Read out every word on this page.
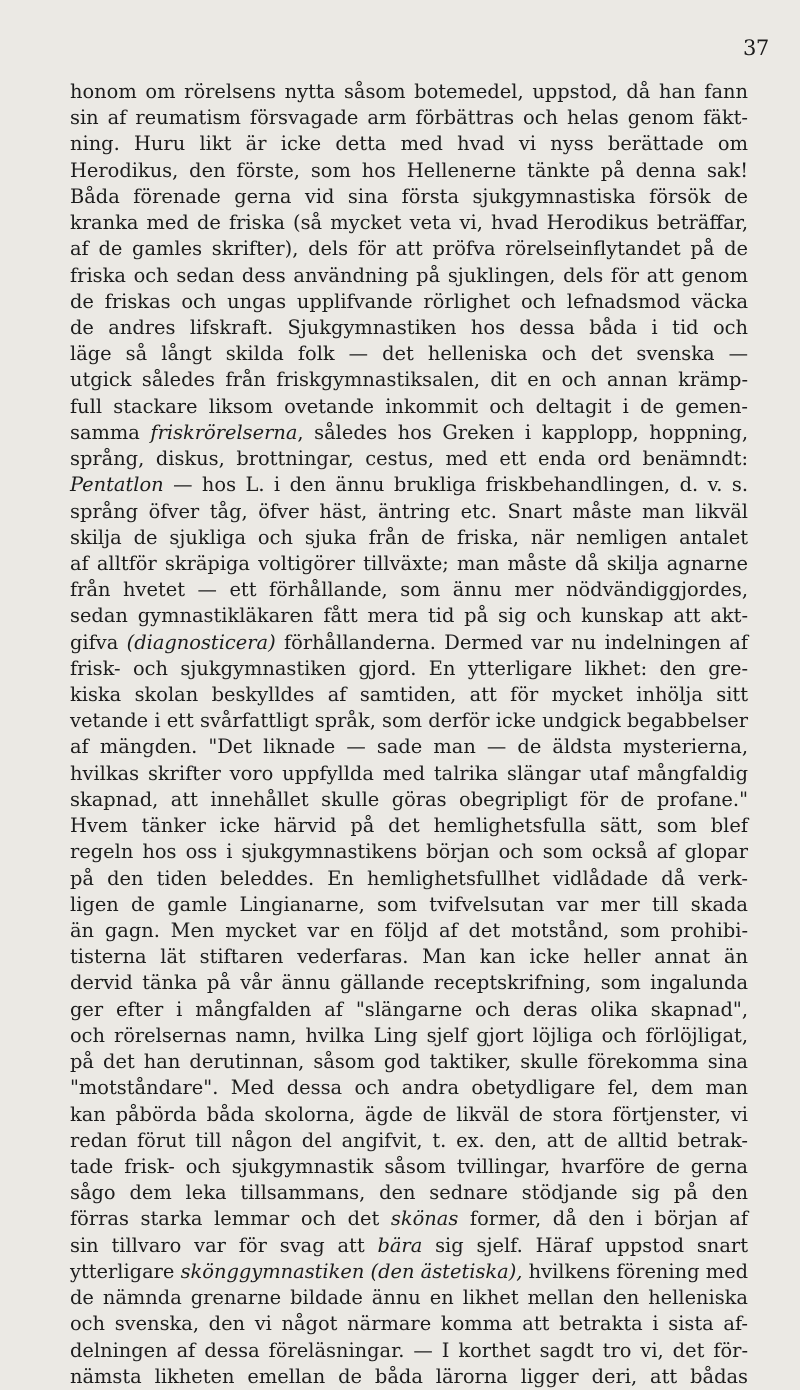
37
honom om rörelsens nytta såsom botemedel, uppstod, då han fann
sin af reumatism försvagade arm förbättras och helas genom fäkt-
ning. Huru likt är icke detta med hvad vi nyss berättade om
Herodikus, den förste, som hos Hellenerne tänkte på denna sak!
Båda förenade gerna vid sina första sjukgymnastiska försök de
kranka med de friska (så mycket veta vi, hvad Herodikus beträffar,
af de gamles skrifter), dels för att pröfva rörelseinflytandet på de
friska och sedan dess användning på sjuklingen, dels för att genom
de friskas och ungas upplifvande rörlighet och lefnadsmod väcka
de andres lifskraft. Sjukgymnastiken hos dessa båda i tid och
läge så långt skilda folk — det helleniska och det svenska —
utgick således från friskgymnastiksalen, dit en och annan krämp-
full stackare liksom ovetande inkommit och deltagit i de gemen-
samma friskrörelserna, således hos Greken i kapplopp, hoppning,
språng, diskus, brottningar, cestus, med ett enda ord benämndt:
Pentatlon — hos L. i den ännu brukliga friskbehandlingen, d. v. s.
språng öfver tåg, öfver häst, äntring etc. Snart måste man likväl
skilja de sjukliga och sjuka från de friska, när nemligen antalet
af alltför skräpiga voltigörer tillväxte; man måste då skilja agnarne
från hvetet — ett förhållande, som ännu mer nödvändiggjordes,
sedan gymnastikläkaren fått mera tid på sig och kunskap att akt-
gifva (diagnosticera) förhållanderna. Dermed var nu indelningen af
frisk- och sjukgymnastiken gjord. En ytterligare likhet: den gre-
kiska skolan beskylldes af samtiden, att för mycket inhölja sitt
vetande i ett svårfattligt språk, som derför icke undgick begabbelser
af mängden. "Det liknade — sade man — de äldsta mysterierna,
hvilkas skrifter voro uppfyllda med talrika slängar utaf mångfaldig
skapnad, att innehållet skulle göras obegripligt för de profane."
Hvem tänker icke härvid på det hemlighetsfulla sätt, som blef
regeln hos oss i sjukgymnastikens början och som också af glopar
på den tiden beleddes. En hemlighetsfullhet vidlådade då verk-
ligen de gamle Lingianarne, som tvifvelsutan var mer till skada
än gagn. Men mycket var en följd af det motstånd, som prohibi-
tisterna lät stiftaren vederfaras. Man kan icke heller annat än
dervid tänka på vår ännu gällande receptskrifning, som ingalunda
ger efter i mångfalden af "slängarne och deras olika skapnad",
och rörelsernas namn, hvilka Ling sjelf gjort löjliga och förlöjligat,
på det han derutinnan, såsom god taktiker, skulle förekomma sina
"motståndare". Med dessa och andra obetydligare fel, dem man
kan påbörda båda skolorna, ägde de likväl de stora förtjenster, vi
redan förut till någon del angifvit, t. ex. den, att de alltid betrak-
tade frisk- och sjukgymnastik såsom tvillingar, hvarföre de gerna
sågo dem leka tillsammans, den sednare stödjande sig på den
förras starka lemmar och det skönas former, då den i början af
sin tillvaro var för svag att bära sig sjelf. Häraf uppstod snart
ytterligare skönggymnastiken (den ästetiska), hvilkens förening med
de nämnda grenarne bildade ännu en likhet mellan den helleniska
och svenska, den vi något närmare komma att betrakta i sista af-
delningen af dessa föreläsningar. — I korthet sagdt tro vi, det för-
nämsta likheten emellan de båda lärorna ligger deri, att bådas
